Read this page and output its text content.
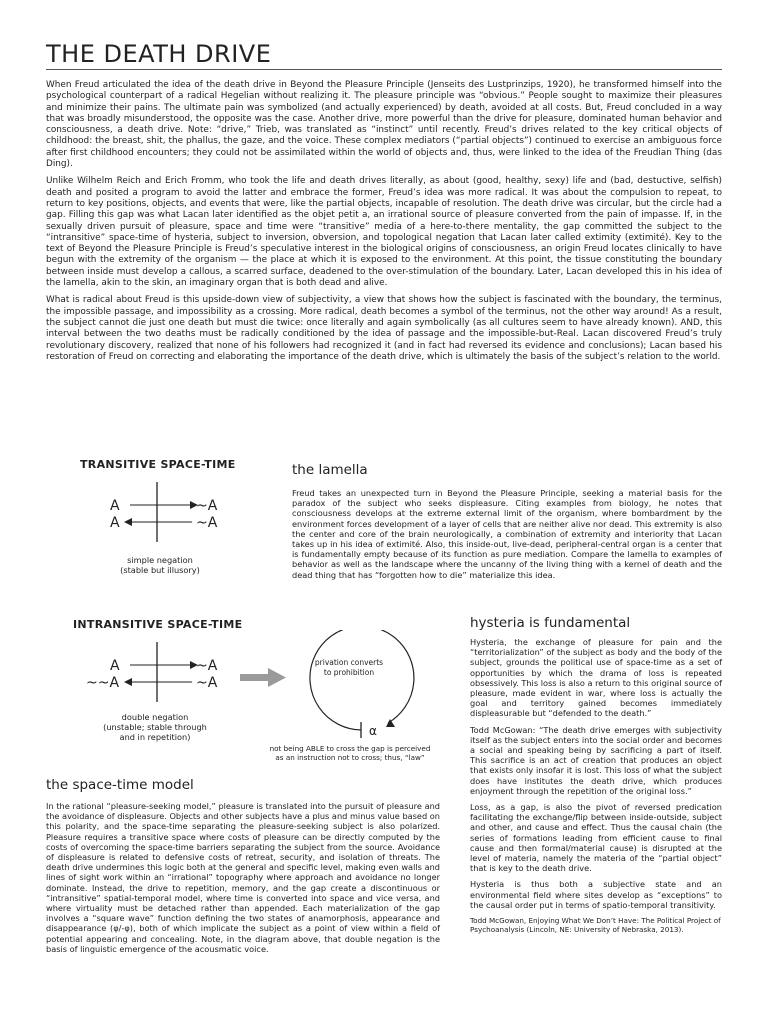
THE DEATH DRIVE

When Freud articulated the idea of the death drive in Beyond the Pleasure Principle (Jenseits des Lustprinzips, 1920), he transformed himself into the psychological counterpart of a radical Hegelian without realizing it. The pleasure principle was “obvious.” People sought to maximize their pleasures and minimize their pains. The ultimate pain was symbolized (and actually experienced) by death, avoided at all costs. But, Freud concluded in a way that was broadly misunderstood, the opposite was the case. Another drive, more powerful than the drive for pleasure, dominated human behavior and consciousness, a death drive. Note: “drive,” Trieb, was translated as “instinct” until recently. Freud’s drives related to the key critical objects of childhood: the breast, shit, the phallus, the gaze, and the voice. These complex mediators (“partial objects”) continued to exercise an ambiguous force after first childhood encounters; they could not be assimilated within the world of objects and, thus, were linked to the idea of the Freudian Thing (das Ding).

Unlike Wilhelm Reich and Erich Fromm, who took the life and death drives literally, as about (good, healthy, sexy) life and (bad, destuctive, selfish) death and posited a program to avoid the latter and embrace the former, Freud’s idea was more radical. It was about the compulsion to repeat, to return to key positions, objects, and events that were, like the partial objects, incapable of resolution. The death drive was circular, but the circle had a gap. Filling this gap was what Lacan later identified as the objet petit a, an irrational source of pleasure converted from the pain of impasse. If, in the sexually driven pursuit of pleasure, space and time were “transitive” media of a here-to-there mentality, the gap committed the subject to the “intransitive” space-time of hysteria, subject to inversion, obversion, and topological negation that Lacan later called extimity (extimité). Key to the text of Beyond the Pleasure Principle is Freud’s speculative interest in the biological origins of consciousness, an origin Freud locates clinically to have begun with the extremity of the organism — the place at which it is exposed to the environment. At this point, the tissue constituting the boundary between inside must develop a callous, a scarred surface, deadened to the over-stimulation of the boundary. Later, Lacan developed this in his idea of the lamella, akin to the skin, an imaginary organ that is both dead and alive.

What is radical about Freud is this upside-down view of subjectivity, a view that shows how the subject is fascinated with the boundary, the terminus, the impossible passage, and impossibility as a crossing. More radical, death becomes a symbol of the terminus, not the other way around! As a result, the subject cannot die just one death but must die twice: once literally and again symbolically (as all cultures seem to have already known). AND, this interval between the two deaths must be radically conditioned by the idea of passage and the impossible-but-Real. Lacan discovered Freud’s truly revolutionary discovery, realized that none of his followers had recognized it (and in fact had reversed its evidence and conclusions); Lacan based his restoration of Freud on correcting and elaborating the importance of the death drive, which is ultimately the basis of the subject’s relation to the world.

TRANSITIVE SPACE-TIME
A	~A
A	~A
simple negation
(stable but illusory)
the lamella

Freud takes an unexpected turn in Beyond the Pleasure Principle, seeking a material basis for the paradox of the subject who seeks displeasure. Citing examples from biology, he notes that consciousness develops at the extreme external limit of the organism, where bombardment by the environment forces development of a layer of cells that are neither alive nor dead. This extremity is also the center and core of the brain neurologically, a combination of extremity and interiority that Lacan takes up in his idea of extimité. Also, this inside-out, live-dead, peripheral-central organ is a center that is fundamentally empty because of its function as pure mediation. Compare the lamella to examples of behavior as well as the landscape where the uncanny of the living thing with a kernel of death and the dead thing that has “forgotten how to die” materialize this idea.

INTRANSITIVE SPACE-TIME
A	~A
~~A	~A
double negation
(unstable; stable through
and in repetition)
privation converts
to prohibition
α
not being ABLE to cross the gap is perceived
as an instruction not to cross; thus, “law”
the space-time model

In the rational “pleasure-seeking model,” pleasure is translated into the pursuit of pleasure and the avoidance of displeasure. Objects and other subjects have a plus and minus value based on this polarity, and the space-time separating the pleasure-seeking subject is also polarized. Pleasure requires a transitive space where costs of pleasure can be directly computed by the costs of overcoming the space-time barriers separating the subject from the source. Avoidance of displeasure is related to defensive costs of retreat, security, and isolation of threats. The death drive undermines this logic both at the general and specific level, making even walls and lines of sight work within an “irrational” topography where approach and avoidance no longer dominate. Instead, the drive to repetition, memory, and the gap create a discontinuous or “intransitive” spatial-temporal model, where time is converted into space and vice versa, and where virtuality must be detached rather than appended. Each materialization of the gap involves a “square wave” function defining the two states of anamorphosis, appearance and disappearance (φ/-φ), both of which implicate the subject as a point of view within a field of potential appearing and concealing. Note, in the diagram above, that double negation is the basis of linguistic emergence of the acousmatic voice.

hysteria is fundamental

Hysteria, the exchange of pleasure for pain and the “territorialization” of the subject as body and the body of the subject, grounds the political use of space-time as a set of opportunities by which the drama of loss is repeated obsessively. This loss is also a return to this original source of pleasure, made evident in war, where loss is actually the goal and territory gained becomes immediately displeasurable but “defended to the death.”

Todd McGowan: “The death drive emerges with subjectivity itself as the subject enters into the social order and becomes a social and speaking being by sacrificing a part of itself. This sacrifice is an act of creation that produces an object that exists only insofar it is lost. This loss of what the subject does have institutes the death drive, which produces enjoyment through the repetition of the original loss.”

Loss, as a gap, is also the pivot of reversed predication facilitating the exchange/flip between inside-outside, subject and other, and cause and effect. Thus the causal chain (the series of formations leading from efficient cause to final cause and then formal/material cause) is disrupted at the level of materia, namely the materia of the “partial object” that is key to the death drive.

Hysteria is thus both a subjective state and an environmental field where sites develop as “exceptions” to the causal order put in terms of spatio-temporal transitivity.

Todd McGowan, Enjoying What We Don’t Have: The Political Project of Psychoanalysis (Lincoln, NE: University of Nebraska, 2013).
